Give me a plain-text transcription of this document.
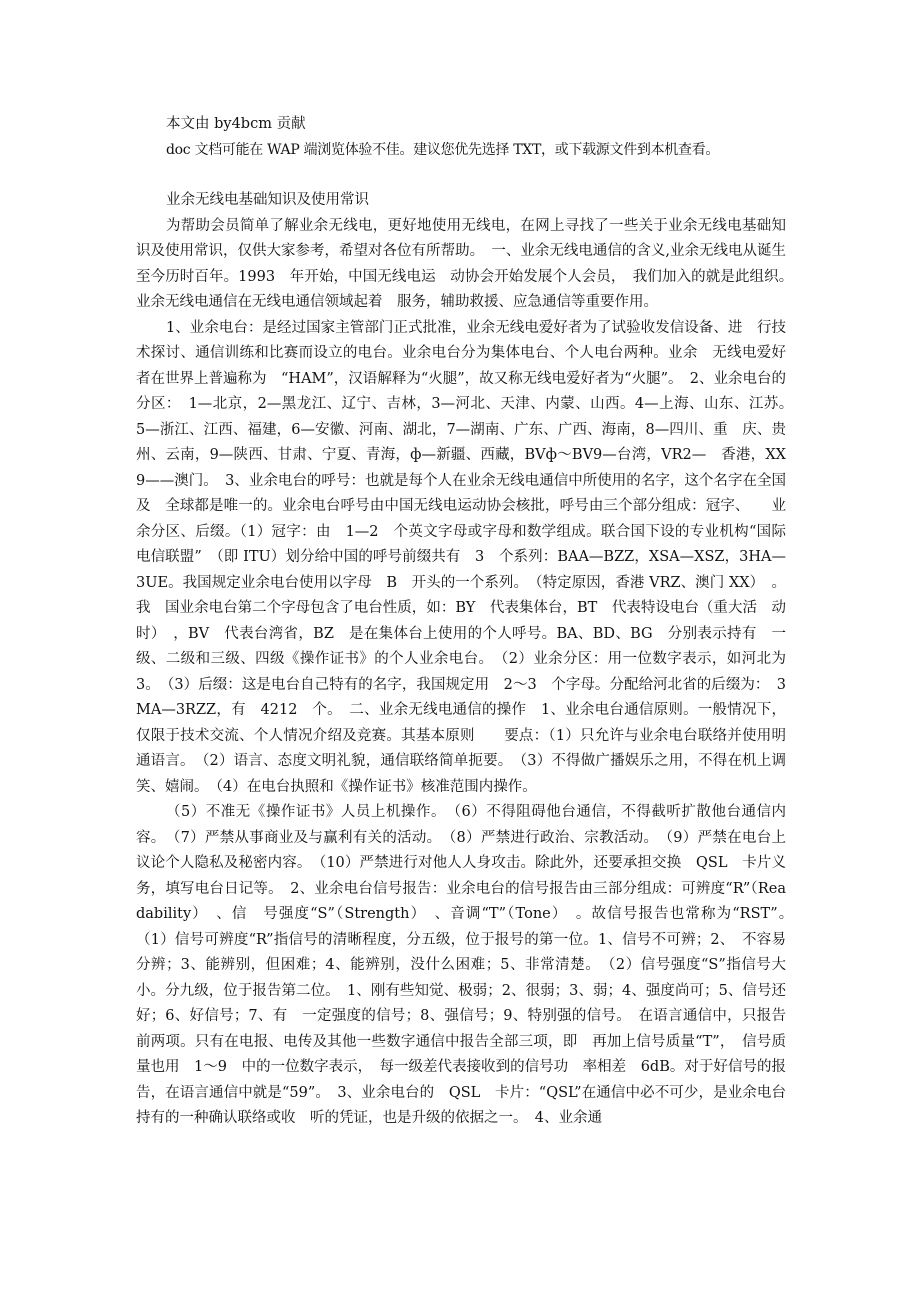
本文由 by4bcm 贡献

doc 文档可能在 WAP 端浏览体验不佳。建议您优先选择 TXT，或下载源文件到本机查看。

业余无线电基础知识及使用常识

为帮助会员简单了解业余无线电，更好地使用无线电，在网上寻找了一些关于业余无线电基础知识及使用常识，仅供大家参考，希望对各位有所帮助。　一、业余无线电通信的含义,业余无线电从诞生至今历时百年。1993　年开始，中国无线电运　动协会开始发展个人会员，　我们加入的就是此组织。　业余无线电通信在无线电通信领域起着　服务，辅助救援、应急通信等重要作用。

1、业余电台：是经过国家主管部门正式批准，业余无线电爱好者为了试验收发信设备、进　行技术探讨、通信训练和比赛而设立的电台。业余电台分为集体电台、个人电台两种。业余　无线电爱好者在世界上普遍称为　“HAM”，汉语解释为“火腿”，故又称无线电爱好者为“火腿”。　2、业余电台的分区：　1—北京，2—黑龙江、辽宁、吉林，3—河北、天津、内蒙、山西。4—上海、山东、江苏。　5—浙江、江西、福建，6—安徽、河南、湖北，7—湖南、广东、广西、海南，8—四川、重　庆、贵州、云南，9—陕西、甘肃、宁夏、青海，ф—新疆、西藏，BVф～BV9—台湾，VR2—　香港，XX9——澳门。　3、业余电台的呼号：也就是每个人在业余无线电通信中所使用的名字，这个名字在全国及　全球都是唯一的。业余电台呼号由中国无线电运动协会核批，呼号由三个部分组成：冠字、　　业余分区、后缀。（1）冠字：由　1—2　个英文字母或字母和数学组成。联合国下设的专业机构“国际电信联盟”　（即 ITU）划分给中国的呼号前缀共有　3　个系列：BAA—BZZ，XSA—XSZ，3HA—3UE。我国规定业余电台使用以字母　B　开头的一个系列。　（特定原因，香港 VRZ、澳门 XX）　。我　国业余电台第二个字母包含了电台性质，如：BY　代表集体台，BT　代表特设电台（重大活　动时）　，BV　代表台湾省，BZ　是在集体台上使用的个人呼号。BA、BD、BG　分别表示持有　一级、二级和三级、四级《操作证书》的个人业余电台。　（2）业余分区：用一位数字表示，如河北为　3。　（3）后缀：这是电台自己特有的名字，我国规定用　2～3　个字母。分配给河北省的后缀为：　3MA—3RZZ，有　4212　个。　二、业余无线电通信的操作　1、业余电台通信原则。一般情况下，仅限于技术交流、个人情况介绍及竞赛。其基本原则　　要点：（1）只允许与业余电台联络并使用明通语言。　（2）语言、态度文明礼貌，通信联络简单扼要。　（3）不得做广播娱乐之用，不得在机上调笑、嬉闹。　（4）在电台执照和《操作证书》核准范围内操作。

（5）不准无《操作证书》人员上机操作。　（6）不得阻碍他台通信，不得截听扩散他台通信内容。　（7）严禁从事商业及与赢利有关的活动。　（8）严禁进行政治、宗教活动。　（9）严禁在电台上议论个人隐私及秘密内容。　（10）严禁进行对他人人身攻击。除此外，还要承担交换　QSL　卡片义务，填写电台日记等。　2、业余电台信号报告：业余电台的信号报告由三部分组成：可辨度“R”（Readability）　、信　号强度“S”（Strength）　、音调“T”（Tone）　。故信号报告也常称为“RST”。　（1）信号可辨度“R”指信号的清晰程度，分五级，位于报号的第一位。1、信号不可辨；2、　不容易分辨；3、能辨别，但困难；4、能辨别，没什么困难；5、非常清楚。　（2）信号强度“S”指信号大小。分九级，位于报告第二位。　1、刚有些知觉、极弱；2、很弱；3、弱；4、强度尚可；5、信号还好；6、好信号；7、有　一定强度的信号；8、强信号；9、特别强的信号。　在语言通信中，只报告前两项。只有在电报、电传及其他一些数字通信中报告全部三项，即　再加上信号质量“T”，　信号质量也用　1～9　中的一位数字表示，　每一级差代表接收到的信号功　率相差　6dB。对于好信号的报告，在语言通信中就是“59”。　3、业余电台的　QSL　卡片：“QSL”在通信中必不可少，是业余电台持有的一种确认联络或收　听的凭证，也是升级的依据之一。　4、业余通
